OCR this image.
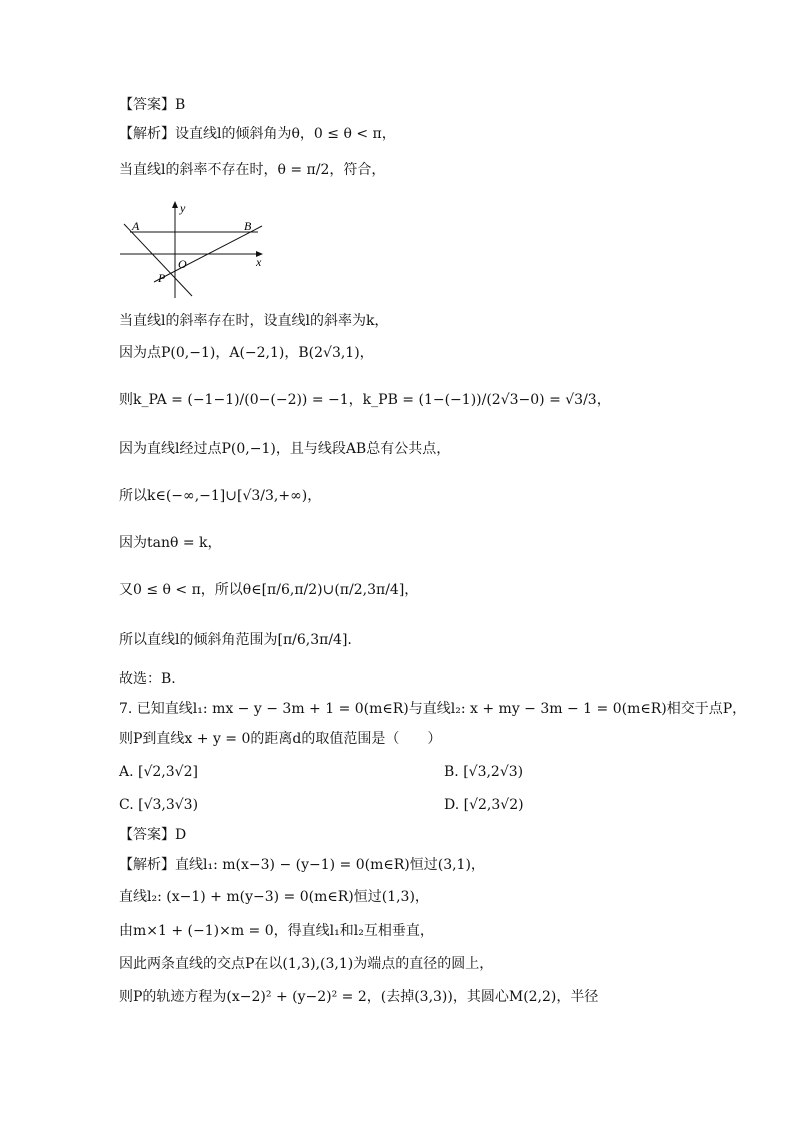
【答案】B
【解析】设直线l的倾斜角为θ，0 ≤ θ < π，
当直线l的斜率不存在时，θ = π/2，符合，
y
x
A	B
O
P
当直线l的斜率存在时，设直线l的斜率为k，
因为点P(0,−1)，A(−2,1)，B(2√3,1)，
则k_PA = (−1−1)/(0−(−2)) = −1，k_PB = (1−(−1))/(2√3−0) = √3/3，
因为直线l经过点P(0,−1)，且与线段AB总有公共点，
所以k∈(−∞,−1]∪[√3/3,+∞)，
因为tanθ = k，
又0 ≤ θ < π，所以θ∈[π/6,π/2)∪(π/2,3π/4]，
所以直线l的倾斜角范围为[π/6,3π/4].
故选：B.
7. 已知直线l₁: mx − y − 3m + 1 = 0(m∈R)与直线l₂: x + my − 3m − 1 = 0(m∈R)相交于点P，
则P到直线x + y = 0的距离d的取值范围是（　　）
A. [√2,3√2]	B. [√3,2√3)
C. [√3,3√3)	D. [√2,3√2)
【答案】D
【解析】直线l₁: m(x−3) − (y−1) = 0(m∈R)恒过(3,1)，
直线l₂: (x−1) + m(y−3) = 0(m∈R)恒过(1,3)，
由m×1 + (−1)×m = 0，得直线l₁和l₂互相垂直，
因此两条直线的交点P在以(1,3),(3,1)为端点的直径的圆上，
则P的轨迹方程为(x−2)² + (y−2)² = 2，(去掉(3,3))，其圆心M(2,2)，半径
